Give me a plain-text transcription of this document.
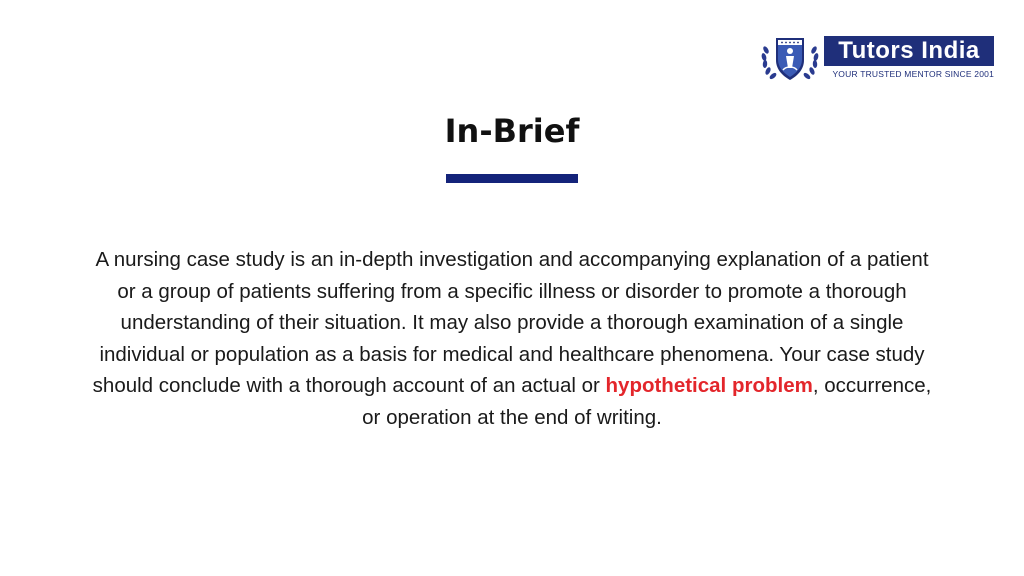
Tutors India
YOUR TRUSTED MENTOR SINCE 2001
In-Brief

A nursing case study is an in-depth investigation and accompanying explanation of a patient or a group of patients suffering from a specific illness or disorder to promote a thorough understanding of their situation. It may also provide a thorough examination of a single individual or population as a basis for medical and healthcare phenomena. Your case study should conclude with a thorough account of an actual or hypothetical problem, occurrence, or operation at the end of writing.
